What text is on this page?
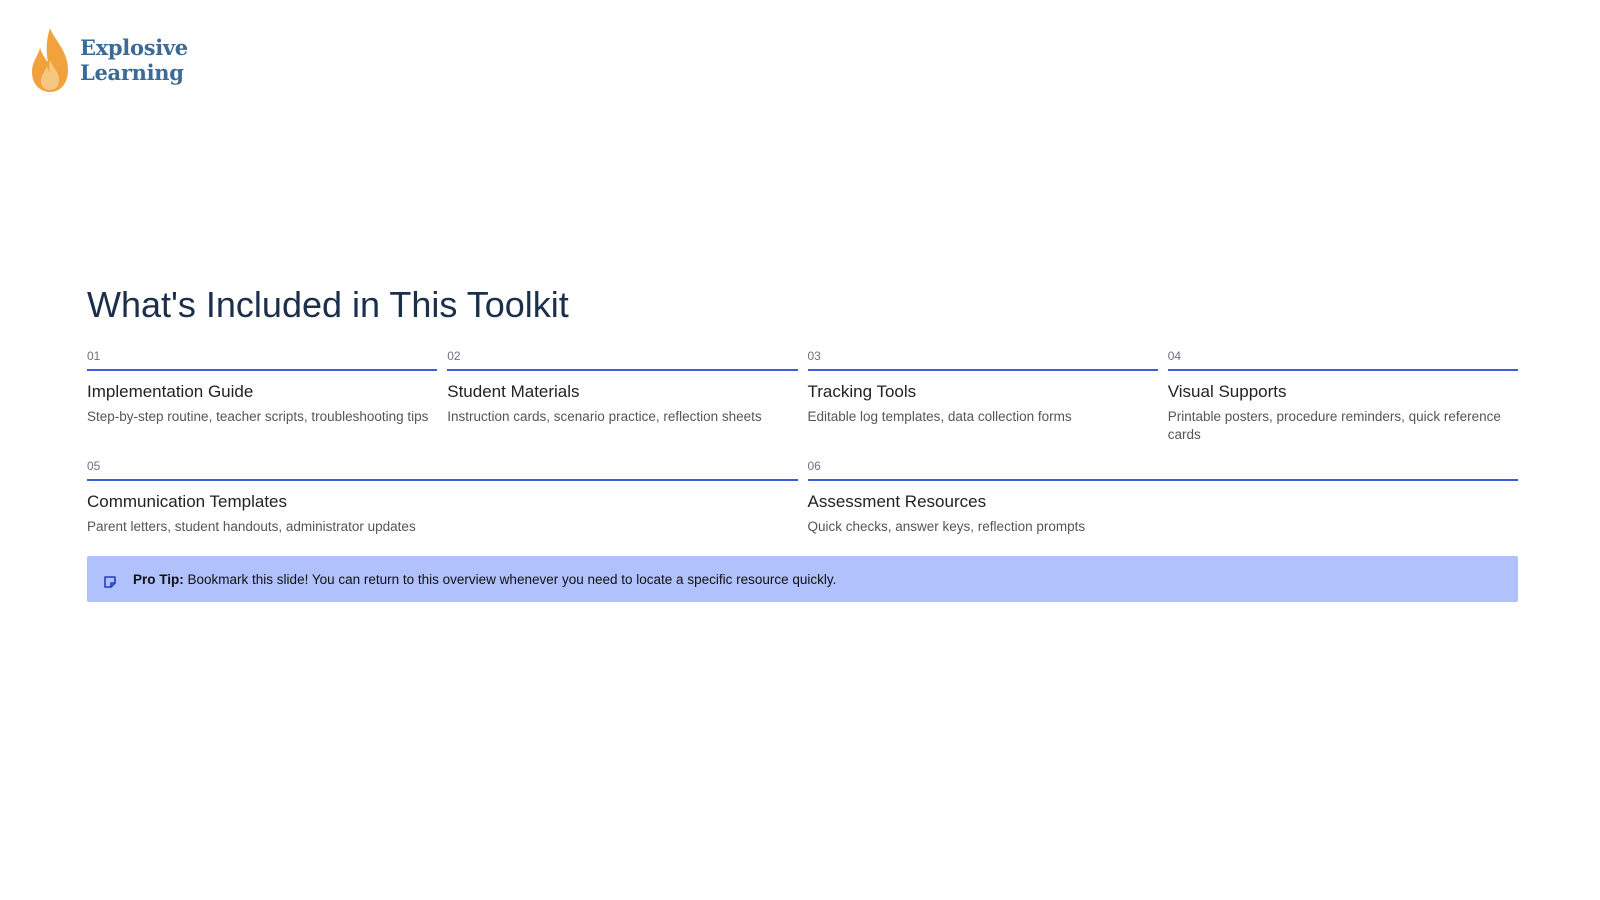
Explosive
Learning
What's Included in This Toolkit
01
Implementation Guide
Step-by-step routine, teacher scripts, troubleshooting tips
02
Student Materials
Instruction cards, scenario practice, reflection sheets
03
Tracking Tools
Editable log templates, data collection forms
04
Visual Supports
Printable posters, procedure reminders, quick reference cards
05
Communication Templates
Parent letters, student handouts, administrator updates
06
Assessment Resources
Quick checks, answer keys, reflection prompts
Pro Tip: Bookmark this slide! You can return to this overview whenever you need to locate a specific resource quickly.
